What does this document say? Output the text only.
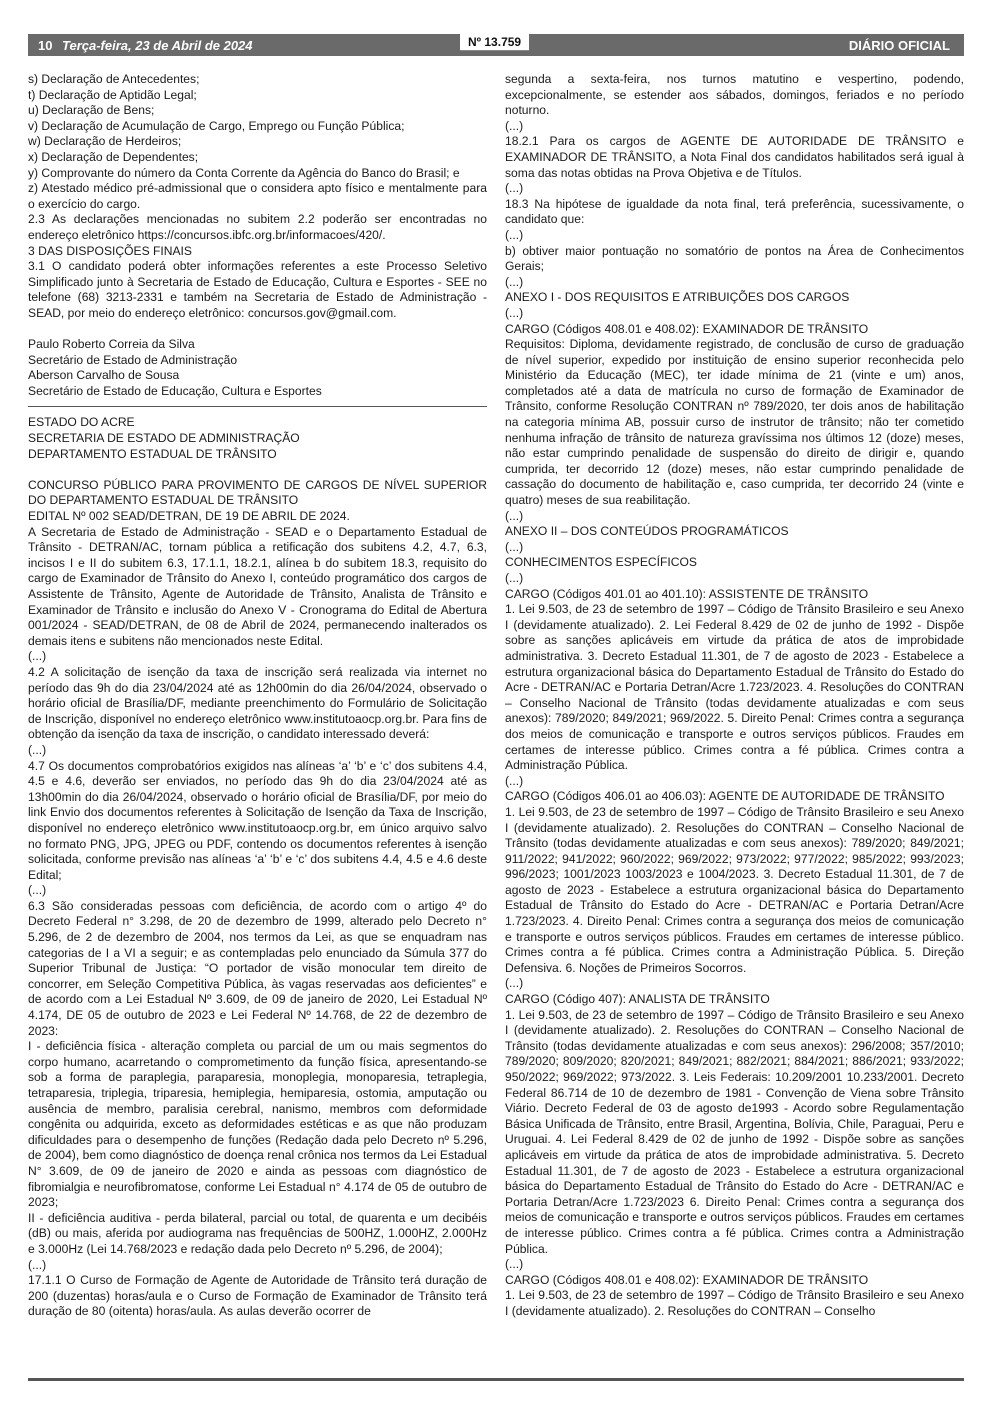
10 Terça-feira, 23 de Abril de 2024	Nº 13.759	DIÁRIO OFICIAL

s) Declaração de Antecedentes;

t) Declaração de Aptidão Legal;

u) Declaração de Bens;

v) Declaração de Acumulação de Cargo, Emprego ou Função Pública;

w) Declaração de Herdeiros;

x) Declaração de Dependentes;

y) Comprovante do número da Conta Corrente da Agência do Banco do Brasil; e

z) Atestado médico pré-admissional que o considera apto físico e mentalmente para o exercício do cargo.

2.3 As declarações mencionadas no subitem 2.2 poderão ser encontradas no endereço eletrônico https://concursos.ibfc.org.br/informacoes/420/.

3 DAS DISPOSIÇÕES FINAIS

3.1 O candidato poderá obter informações referentes a este Processo Seletivo Simplificado junto à Secretaria de Estado de Educação, Cultura e Esportes - SEE no telefone (68) 3213-2331 e também na Secretaria de Estado de Administração - SEAD, por meio do endereço eletrônico: concursos.gov@gmail.com.

Paulo Roberto Correia da Silva

Secretário de Estado de Administração

Aberson Carvalho de Sousa

Secretário de Estado de Educação, Cultura e Esportes

ESTADO DO ACRE

SECRETARIA DE ESTADO DE ADMINISTRAÇÃO

DEPARTAMENTO ESTADUAL DE TRÂNSITO

CONCURSO PÚBLICO PARA PROVIMENTO DE CARGOS DE NÍVEL SUPERIOR DO DEPARTAMENTO ESTADUAL DE TRÂNSITO

EDITAL Nº 002 SEAD/DETRAN, DE 19 DE ABRIL DE 2024.

A Secretaria de Estado de Administração - SEAD e o Departamento Estadual de Trânsito - DETRAN/AC, tornam pública a retificação dos subitens 4.2, 4.7, 6.3, incisos I e II do subitem 6.3, 17.1.1, 18.2.1, alínea b do subitem 18.3, requisito do cargo de Examinador de Trânsito do Anexo I, conteúdo programático dos cargos de Assistente de Trânsito, Agente de Autoridade de Trânsito, Analista de Trânsito e Examinador de Trânsito e inclusão do Anexo V - Cronograma do Edital de Abertura 001/2024 - SEAD/DETRAN, de 08 de Abril de 2024, permanecendo inalterados os demais itens e subitens não mencionados neste Edital.

(...)

4.2 A solicitação de isenção da taxa de inscrição será realizada via internet no período das 9h do dia 23/04/2024 até as 12h00min do dia 26/04/2024, observado o horário oficial de Brasília/DF, mediante preenchimento do Formulário de Solicitação de Inscrição, disponível no endereço eletrônico www.institutoaocp.org.br. Para fins de obtenção da isenção da taxa de inscrição, o candidato interessado deverá:

(...)

4.7 Os documentos comprobatórios exigidos nas alíneas ‘a’ ‘b’ e ‘c’ dos subitens 4.4, 4.5 e 4.6, deverão ser enviados, no período das 9h do dia 23/04/2024 até as 13h00min do dia 26/04/2024, observado o horário oficial de Brasília/DF, por meio do link Envio dos documentos referentes à Solicitação de Isenção da Taxa de Inscrição, disponível no endereço eletrônico www.institutoaocp.org.br, em único arquivo salvo no formato PNG, JPG, JPEG ou PDF, contendo os documentos referentes à isenção solicitada, conforme previsão nas alíneas ‘a’ ‘b’ e ‘c’ dos subitens 4.4, 4.5 e 4.6 deste Edital;

(...)

6.3 São consideradas pessoas com deficiência, de acordo com o artigo 4º do Decreto Federal n° 3.298, de 20 de dezembro de 1999, alterado pelo Decreto n° 5.296, de 2 de dezembro de 2004, nos termos da Lei, as que se enquadram nas categorias de I a VI a seguir; e as contempladas pelo enunciado da Súmula 377 do Superior Tribunal de Justiça: “O portador de visão monocular tem direito de concorrer, em Seleção Competitiva Pública, às vagas reservadas aos deficientes” e de acordo com a Lei Estadual Nº 3.609, de 09 de janeiro de 2020, Lei Estadual Nº 4.174, DE 05 de outubro de 2023 e Lei Federal Nº 14.768, de 22 de dezembro de 2023:

I - deficiência física - alteração completa ou parcial de um ou mais segmentos do corpo humano, acarretando o comprometimento da função física, apresentando-se sob a forma de paraplegia, paraparesia, monoplegia, monoparesia, tetraplegia, tetraparesia, triplegia, triparesia, hemiplegia, hemiparesia, ostomia, amputação ou ausência de membro, paralisia cerebral, nanismo, membros com deformidade congênita ou adquirida, exceto as deformidades estéticas e as que não produzam dificuldades para o desempenho de funções (Redação dada pelo Decreto nº 5.296, de 2004), bem como diagnóstico de doença renal crônica nos termos da Lei Estadual N° 3.609, de 09 de janeiro de 2020 e ainda as pessoas com diagnóstico de fibromialgia e neurofibromatose, conforme Lei Estadual n° 4.174 de 05 de outubro de 2023;

II - deficiência auditiva - perda bilateral, parcial ou total, de quarenta e um decibéis (dB) ou mais, aferida por audiograma nas frequências de 500HZ, 1.000HZ, 2.000Hz e 3.000Hz (Lei 14.768/2023 e redação dada pelo Decreto nº 5.296, de 2004);

(...)

17.1.1 O Curso de Formação de Agente de Autoridade de Trânsito terá duração de 200 (duzentas) horas/aula e o Curso de Formação de Examinador de Trânsito terá duração de 80 (oitenta) horas/aula. As aulas deverão ocorrer de

segunda a sexta-feira, nos turnos matutino e vespertino, podendo, excepcionalmente, se estender aos sábados, domingos, feriados e no período noturno.

(...)

18.2.1 Para os cargos de AGENTE DE AUTORIDADE DE TRÂNSITO e EXAMINADOR DE TRÂNSITO, a Nota Final dos candidatos habilitados será igual à soma das notas obtidas na Prova Objetiva e de Títulos.

(...)

18.3 Na hipótese de igualdade da nota final, terá preferência, sucessivamente, o candidato que:

(...)

b) obtiver maior pontuação no somatório de pontos na Área de Conhecimentos Gerais;

(...)

ANEXO I - DOS REQUISITOS E ATRIBUIÇÕES DOS CARGOS

(...)

CARGO (Códigos 408.01 e 408.02): EXAMINADOR DE TRÂNSITO

Requisitos: Diploma, devidamente registrado, de conclusão de curso de graduação de nível superior, expedido por instituição de ensino superior reconhecida pelo Ministério da Educação (MEC), ter idade mínima de 21 (vinte e um) anos, completados até a data de matrícula no curso de formação de Examinador de Trânsito, conforme Resolução CONTRAN nº 789/2020, ter dois anos de habilitação na categoria mínima AB, possuir curso de instrutor de trânsito; não ter cometido nenhuma infração de trânsito de natureza gravíssima nos últimos 12 (doze) meses, não estar cumprindo penalidade de suspensão do direito de dirigir e, quando cumprida, ter decorrido 12 (doze) meses, não estar cumprindo penalidade de cassação do documento de habilitação e, caso cumprida, ter decorrido 24 (vinte e quatro) meses de sua reabilitação.

(...)

ANEXO II – DOS CONTEÚDOS PROGRAMÁTICOS

(...)

CONHECIMENTOS ESPECÍFICOS

(...)

CARGO (Códigos 401.01 ao 401.10): ASSISTENTE DE TRÂNSITO

1. Lei 9.503, de 23 de setembro de 1997 – Código de Trânsito Brasileiro e seu Anexo I (devidamente atualizado). 2. Lei Federal 8.429 de 02 de junho de 1992 - Dispõe sobre as sanções aplicáveis em virtude da prática de atos de improbidade administrativa. 3. Decreto Estadual 11.301, de 7 de agosto de 2023 - Estabelece a estrutura organizacional básica do Departamento Estadual de Trânsito do Estado do Acre - DETRAN/AC e Portaria Detran/Acre 1.723/2023. 4. Resoluções do CONTRAN – Conselho Nacional de Trânsito (todas devidamente atualizadas e com seus anexos): 789/2020; 849/2021; 969/2022. 5. Direito Penal: Crimes contra a segurança dos meios de comunicação e transporte e outros serviços públicos. Fraudes em certames de interesse público. Crimes contra a fé pública. Crimes contra a Administração Pública.

(...)

CARGO (Códigos 406.01 ao 406.03): AGENTE DE AUTORIDADE DE TRÂNSITO

1. Lei 9.503, de 23 de setembro de 1997 – Código de Trânsito Brasileiro e seu Anexo I (devidamente atualizado). 2. Resoluções do CONTRAN – Conselho Nacional de Trânsito (todas devidamente atualizadas e com seus anexos): 789/2020; 849/2021; 911/2022; 941/2022; 960/2022; 969/2022; 973/2022; 977/2022; 985/2022; 993/2023; 996/2023; 1001/2023 1003/2023 e 1004/2023. 3. Decreto Estadual 11.301, de 7 de agosto de 2023 - Estabelece a estrutura organizacional básica do Departamento Estadual de Trânsito do Estado do Acre - DETRAN/AC e Portaria Detran/Acre 1.723/2023. 4. Direito Penal: Crimes contra a segurança dos meios de comunicação e transporte e outros serviços públicos. Fraudes em certames de interesse público. Crimes contra a fé pública. Crimes contra a Administração Pública. 5. Direção Defensiva. 6. Noções de Primeiros Socorros.

(...)

CARGO (Código 407): ANALISTA DE TRÂNSITO

1. Lei 9.503, de 23 de setembro de 1997 – Código de Trânsito Brasileiro e seu Anexo I (devidamente atualizado). 2. Resoluções do CONTRAN – Conselho Nacional de Trânsito (todas devidamente atualizadas e com seus anexos): 296/2008; 357/2010; 789/2020; 809/2020; 820/2021; 849/2021; 882/2021; 884/2021; 886/2021; 933/2022; 950/2022; 969/2022; 973/2022. 3. Leis Federais: 10.209/2001 10.233/2001. Decreto Federal 86.714 de 10 de dezembro de 1981 - Convenção de Viena sobre Trânsito Viário. Decreto Federal de 03 de agosto de1993 - Acordo sobre Regulamentação Básica Unificada de Trânsito, entre Brasil, Argentina, Bolívia, Chile, Paraguai, Peru e Uruguai. 4. Lei Federal 8.429 de 02 de junho de 1992 - Dispõe sobre as sanções aplicáveis em virtude da prática de atos de improbidade administrativa. 5. Decreto Estadual 11.301, de 7 de agosto de 2023 - Estabelece a estrutura organizacional básica do Departamento Estadual de Trânsito do Estado do Acre - DETRAN/AC e Portaria Detran/Acre 1.723/2023 6. Direito Penal: Crimes contra a segurança dos meios de comunicação e transporte e outros serviços públicos. Fraudes em certames de interesse público. Crimes contra a fé pública. Crimes contra a Administração Pública.

(...)

CARGO (Códigos 408.01 e 408.02): EXAMINADOR DE TRÂNSITO

1. Lei 9.503, de 23 de setembro de 1997 – Código de Trânsito Brasileiro e seu Anexo I (devidamente atualizado). 2. Resoluções do CONTRAN – Conselho
